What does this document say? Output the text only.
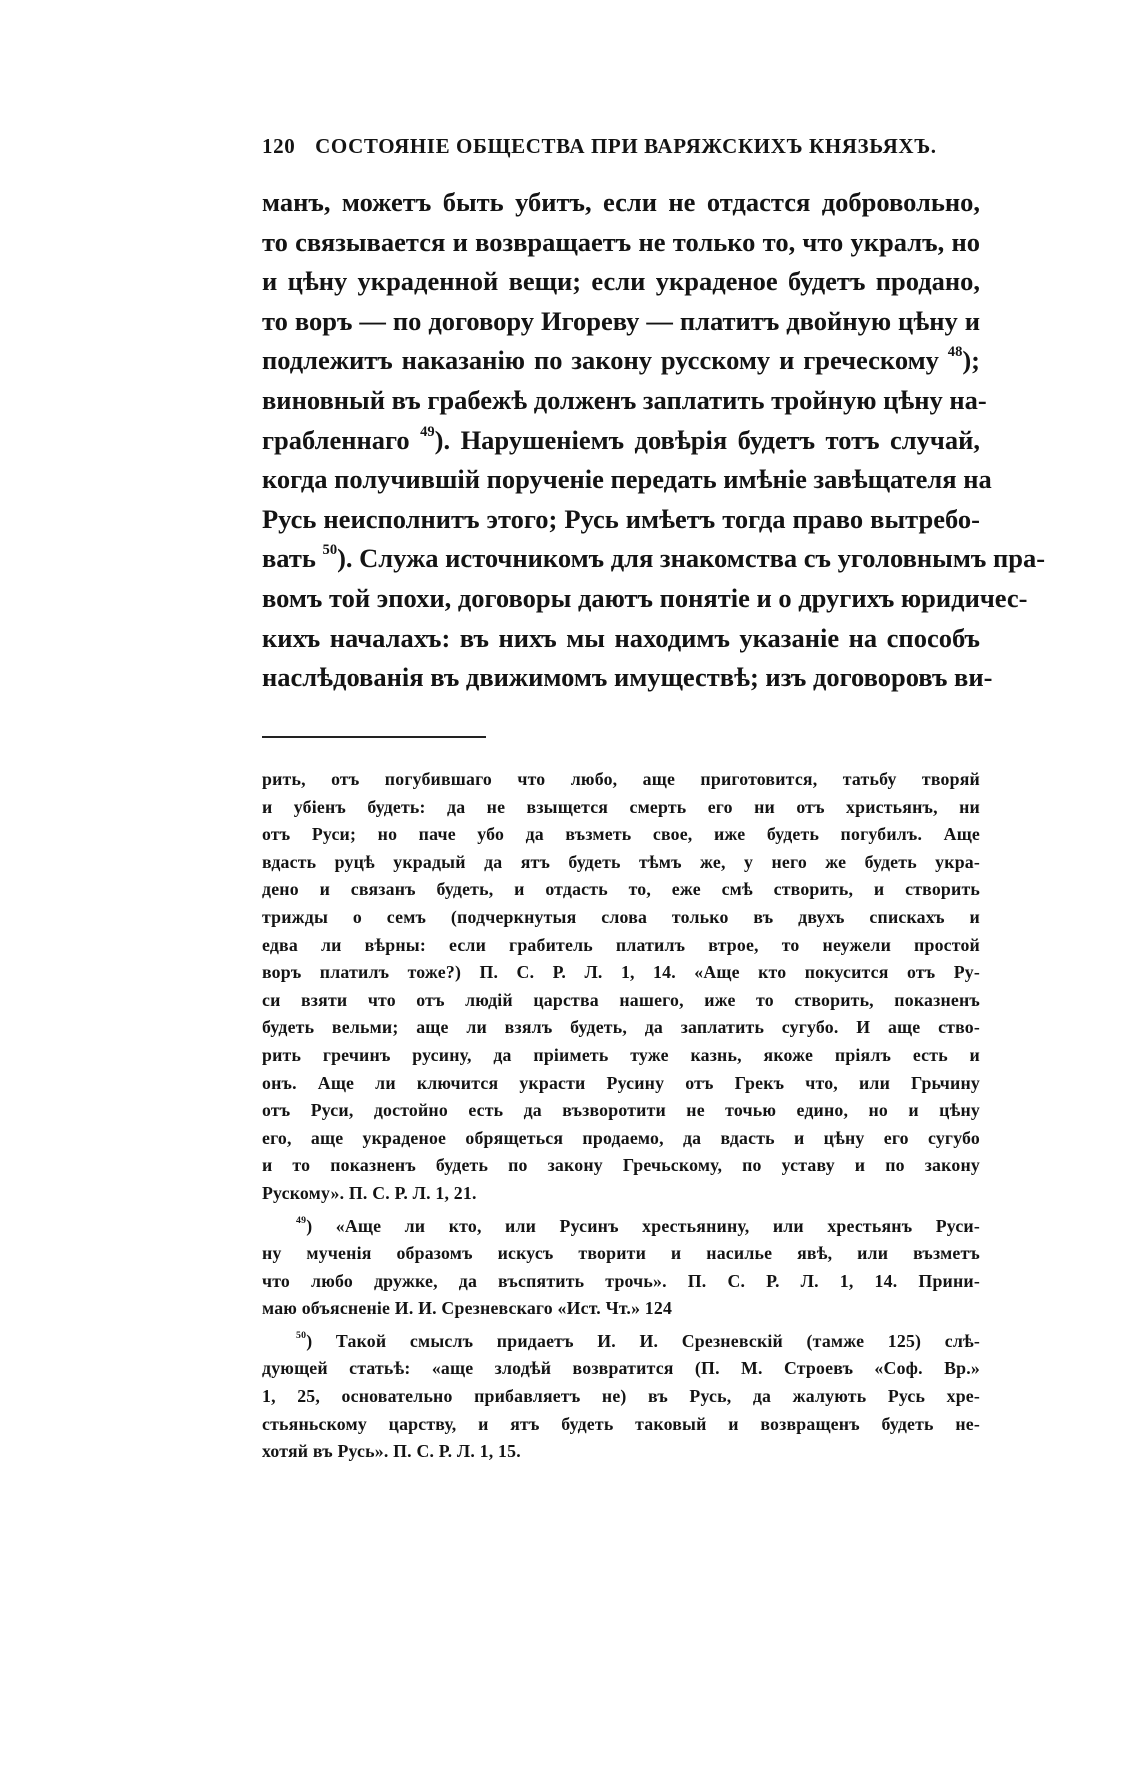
120 СОСТОЯНІЕ ОБЩЕСТВА ПРИ ВАРЯЖСКИХЪ КНЯЗЬЯХЪ.
манъ, можетъ быть убитъ, если не отдастся добровольно,
то связывается и возвращаетъ не только то, что укралъ, но
и цѣну украденной вещи; если украденое будетъ продано,
то воръ — по договору Игореву — платитъ двойную цѣну и
подлежитъ наказанію по закону русскому и греческому $^{48}$);
виновный въ грабежѣ долженъ заплатить тройную цѣну на-
грабленнаго $^{49}$). Нарушеніемъ довѣрія будетъ тотъ случай,
когда получившій порученіе передать имѣніе завѣщателя на
Русь неисполнитъ этого; Русь имѣетъ тогда право вытребо-
вать $^{50}$). Служа источникомъ для знакомства съ уголовнымъ пра-
вомъ той эпохи, договоры даютъ понятіе и о другихъ юридичес-
кихъ началахъ: въ нихъ мы находимъ указаніе на способъ
наслѣдованія въ движимомъ имуществѣ; изъ договоровъ ви-
рить, отъ погубившаго что любо, аще приготовится, татьбу творяй
и убіенъ будеть: да не взыщется смерть его ни отъ христьянъ, ни
отъ Руси; но паче убо да възметь свое, иже будеть погубилъ. Аще
вдасть руцѣ украдый да ятъ будеть тѣмъ же, у него же будеть укра-
дено и связанъ будеть, и отдасть то, еже смѣ створить, и створить
трижды о семъ (подчеркнутыя слова только въ двухъ спискахъ и
едва ли вѣрны: если грабитель платилъ втрое, то неужели простой
воръ платилъ тоже?) П. С. Р. Л. 1, 14. «Аще кто покусится отъ Ру-
си взяти что отъ людій царства нашего, иже то створить, показненъ
будеть вельми; аще ли взялъ будеть, да заплатить сугубо. И аще ство-
рить гречинъ русину, да пріиметь туже казнь, якоже пріялъ есть и
онъ. Аще ли ключится украсти Русину отъ Грекъ что, или Грьчину
отъ Руси, достойно есть да възворотити не точью едино, но и цѣну
его, аще украденое обрящеться продаемо, да вдасть и цѣну его сугубо
и то показненъ будеть по закону Гречьскому, по уставу и по закону
Рускому». П. С. Р. Л. 1, 21.
$^{49}$) «Аще ли кто, или Русинъ хрестьянину, или хрестьянъ Руси-
ну мученія образомъ искусъ творити и насилье явѣ, или възметъ
что любо дружке, да въспятить трочь». П. С. Р. Л. 1, 14. Прини-
маю объясненіе И. И. Срезневскаго «Ист. Чт.» 124
$^{50}$) Такой смыслъ придаетъ И. И. Срезневскій (тамже 125) слѣ-
дующей статьѣ: «аще злодѣй возвратится (П. М. Строевъ «Соф. Вр.»
1, 25, основательно прибавляетъ не) въ Русь, да жалують Русь хре-
стьяньскому царству, и ятъ будеть таковый и возвращенъ будеть не-
хотяй въ Русь». П. С. Р. Л. 1, 15.
